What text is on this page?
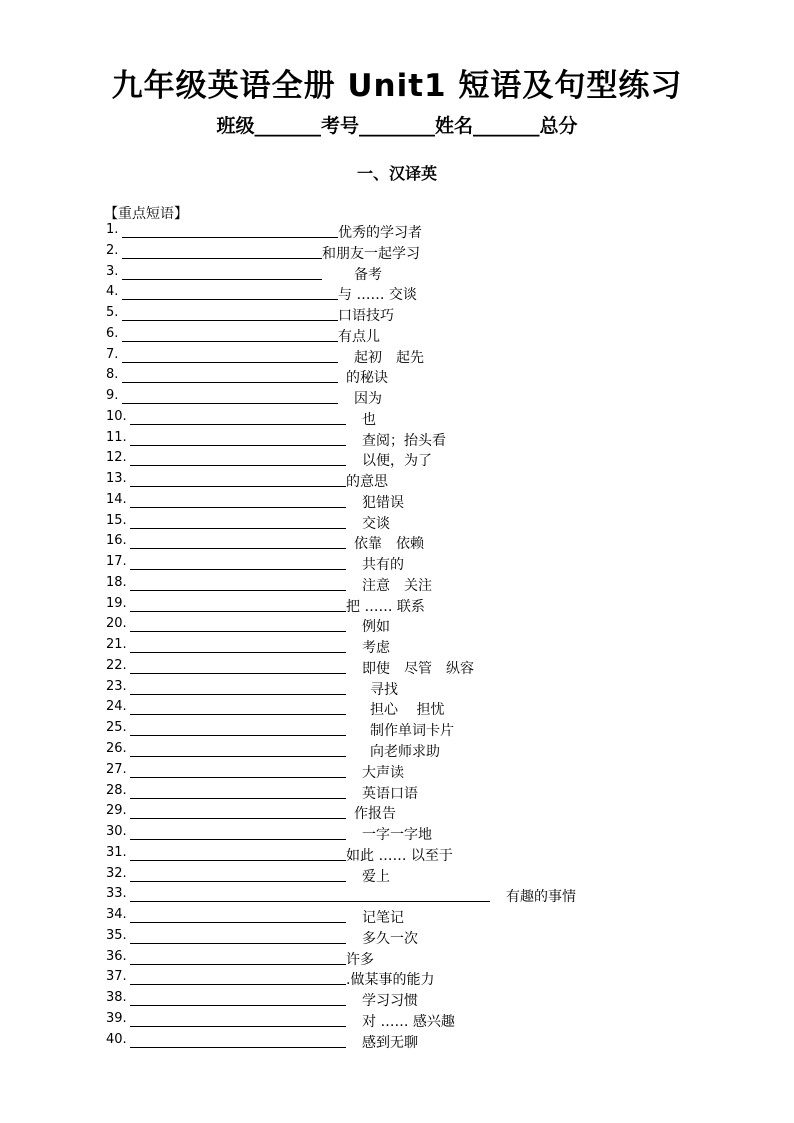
九年级英语全册 Unit1 短语及句型练习
班级_______考号________姓名_______总分
一、汉译英
【重点短语】
1.	优秀的学习者
2.	和朋友一起学习
3.	备考
4.	与 …… 交谈
5.	口语技巧
6.	有点儿
7.	起初　起先
8.	的秘诀
9.	因为
10.	也
11.	查阅；抬头看
12.	以便，为了
13.	的意思
14.	犯错误
15.	交谈
16.	依靠　依赖
17.	共有的
18.	注意　关注
19.	把 …… 联系
20.	例如
21.	考虑
22.	即使　尽管　纵容
23.	寻找
24.	担心　 担忧
25.	制作单词卡片
26.	向老师求助
27.	大声读
28.	英语口语
29.	作报告
30.	一字一字地
31.	如此 …… 以至于
32.	爱上
33.	有趣的事情
34.	记笔记
35.	多久一次
36.	许多
37.	.做某事的能力
38.	学习习惯
39.	对 …… 感兴趣
40.	感到无聊
